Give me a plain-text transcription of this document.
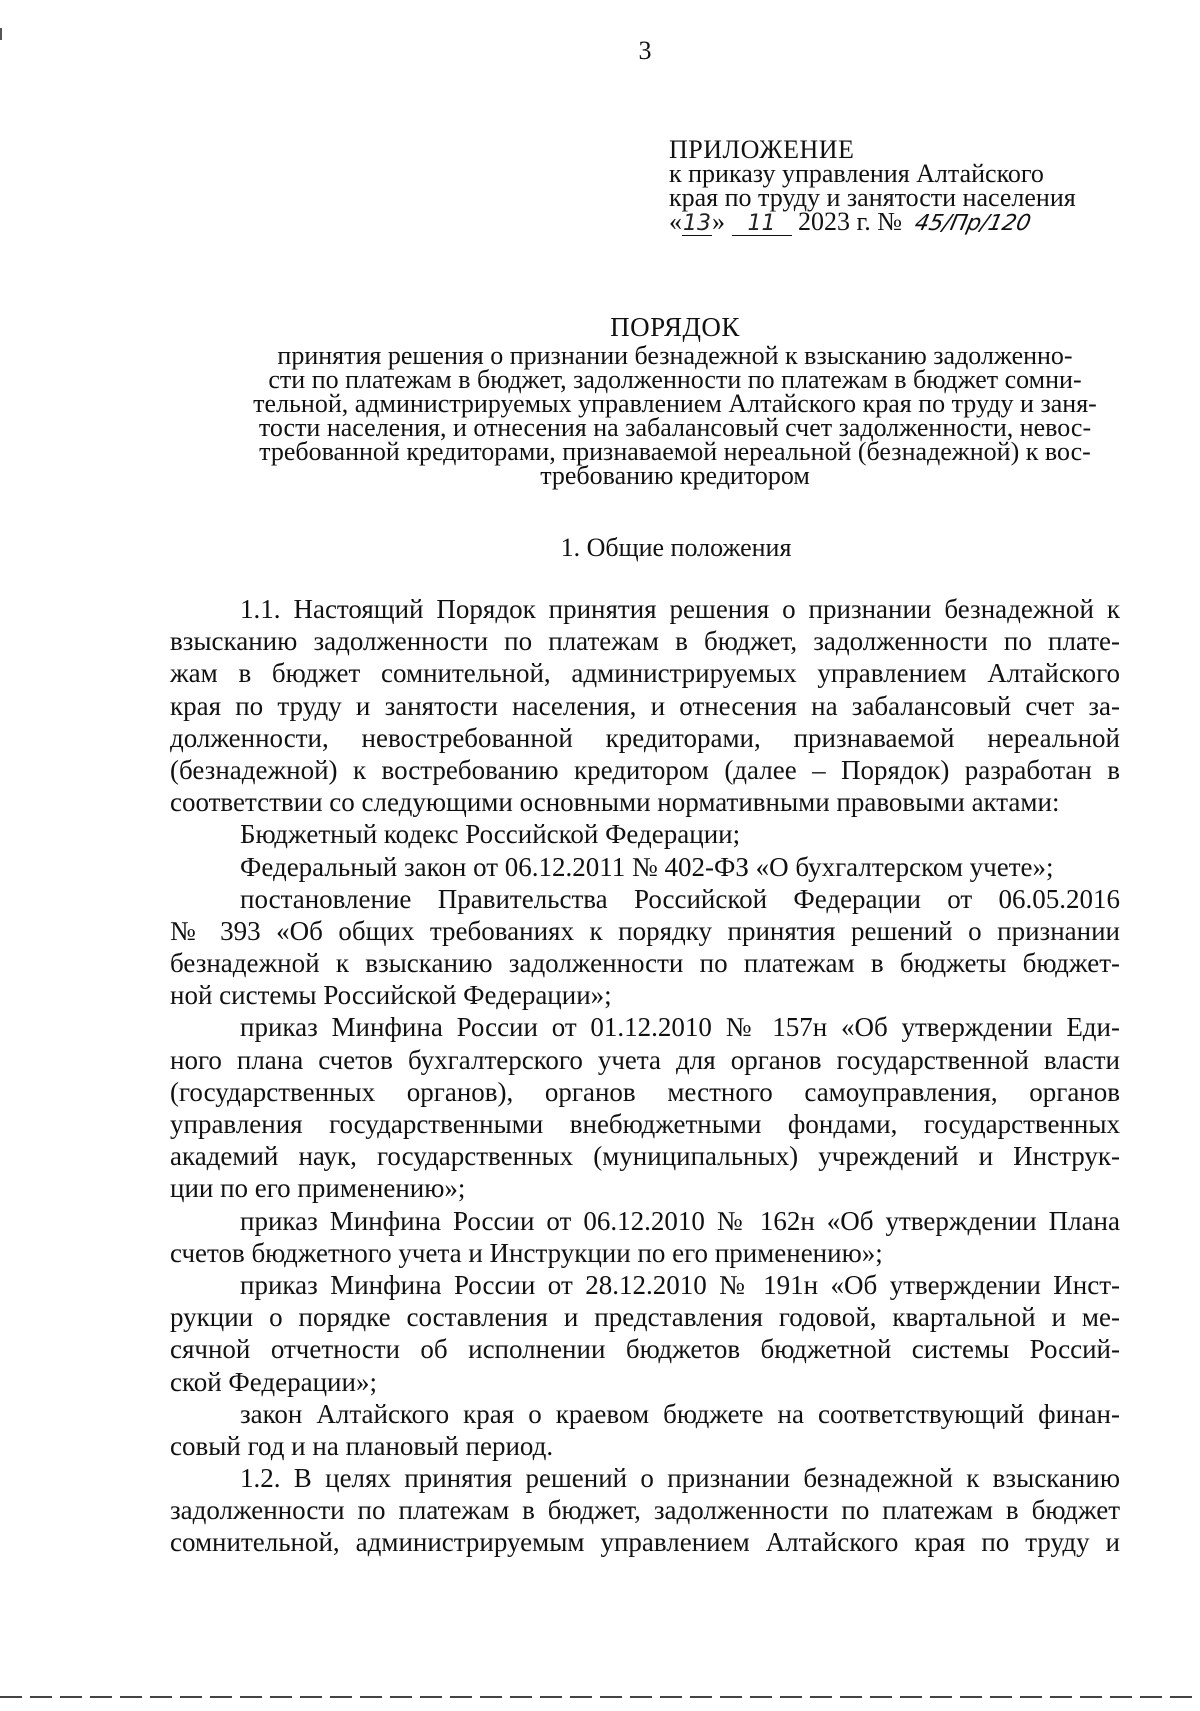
3
ПРИЛОЖЕНИЕ
к приказу управления Алтайского
края по труду и занятости населения
«13» 11 2023 г. № 45/Пр/120
ПОРЯДОК
принятия решения о признании безнадежной к взысканию задолженно-
сти по платежам в бюджет, задолженности по платежам в бюджет сомни-
тельной, администрируемых управлением Алтайского края по труду и заня-
тости населения, и отнесения на забалансовый счет задолженности, невос-
требованной кредиторами, признаваемой нереальной (безнадежной) к вос-
требованию кредитором
1. Общие положения
1.1. Настоящий Порядок принятия решения о признании безнадежной к
взысканию задолженности по платежам в бюджет, задолженности по плате-
жам в бюджет сомнительной, администрируемых управлением Алтайского
края по труду и занятости населения, и отнесения на забалансовый счет за-
долженности, невостребованной кредиторами, признаваемой нереальной
(безнадежной) к востребованию кредитором (далее – Порядок) разработан в
соответствии со следующими основными нормативными правовыми актами:
Бюджетный кодекс Российской Федерации;
Федеральный закон от 06.12.2011 № 402-ФЗ «О бухгалтерском учете»;
постановление Правительства Российской Федерации от 06.05.2016
№ 393 «Об общих требованиях к порядку принятия решений о признании
безнадежной к взысканию задолженности по платежам в бюджеты бюджет-
ной системы Российской Федерации»;
приказ Минфина России от 01.12.2010 № 157н «Об утверждении Еди-
ного плана счетов бухгалтерского учета для органов государственной власти
(государственных органов), органов местного самоуправления, органов
управления государственными внебюджетными фондами, государственных
академий наук, государственных (муниципальных) учреждений и Инструк-
ции по его применению»;
приказ Минфина России от 06.12.2010 № 162н «Об утверждении Плана
счетов бюджетного учета и Инструкции по его применению»;
приказ Минфина России от 28.12.2010 № 191н «Об утверждении Инст-
рукции о порядке составления и представления годовой, квартальной и ме-
сячной отчетности об исполнении бюджетов бюджетной системы Россий-
ской Федерации»;
закон Алтайского края о краевом бюджете на соответствующий финан-
совый год и на плановый период.
1.2. В целях принятия решений о признании безнадежной к взысканию
задолженности по платежам в бюджет, задолженности по платежам в бюджет
сомнительной, администрируемым управлением Алтайского края по труду и
